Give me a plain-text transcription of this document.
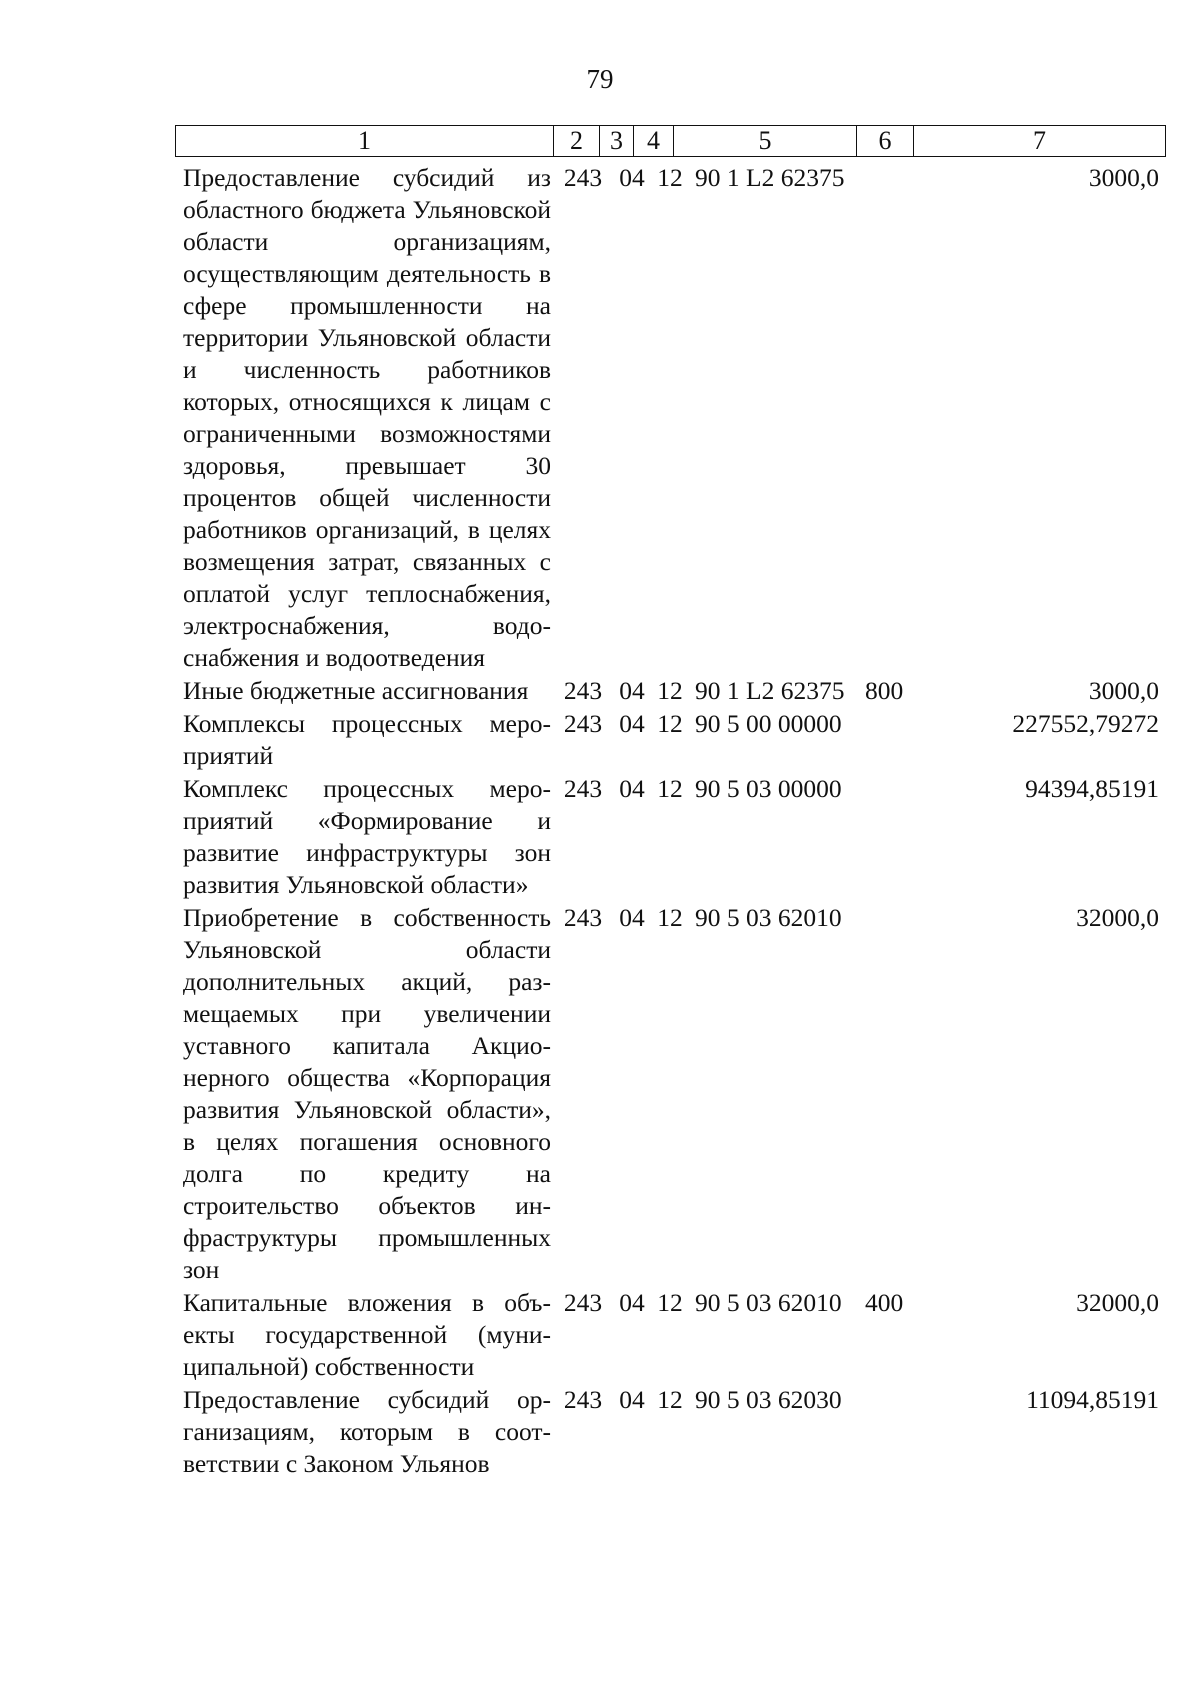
79
1	2	3	4	5	6	7
Предоставление субсидий из областного бюджета Ульяновской области организациям, осуществляющим деятельность в сфере промышленности на территории Ульяновской области и численность работников которых, относящихся к лицам с ограниченными возможностями здоровья, превышает 30 процентов общей численности работников организаций, в целях возмещения затрат, связанных с оплатой услуг теплоснабжения, электроснабжения, водоснабжения и водоотведения	243	04	12	90 1 L2 62375		3000,0
Иные бюджетные ассигнования	243	04	12	90 1 L2 62375	800	3000,0
Комплексы процессных мероприятий	243	04	12	90 5 00 00000		227552,79272
Комплекс процессных мероприятий «Формирование и развитие инфраструктуры зон развития Ульяновской области»	243	04	12	90 5 03 00000		94394,85191
Приобретение в собственность Ульяновской области дополнительных акций, размещаемых при увеличении уставного капитала Акционерного общества «Корпорация развития Ульяновской области», в целях погашения основного долга по кредиту на строительство объектов инфраструктуры промышленных зон	243	04	12	90 5 03 62010		32000,0
Капитальные вложения в объекты государственной (муниципальной) собственности	243	04	12	90 5 03 62010	400	32000,0
Предоставление субсидий организациям, которым в соответствии с Законом Ульянов	243	04	12	90 5 03 62030		11094,85191
